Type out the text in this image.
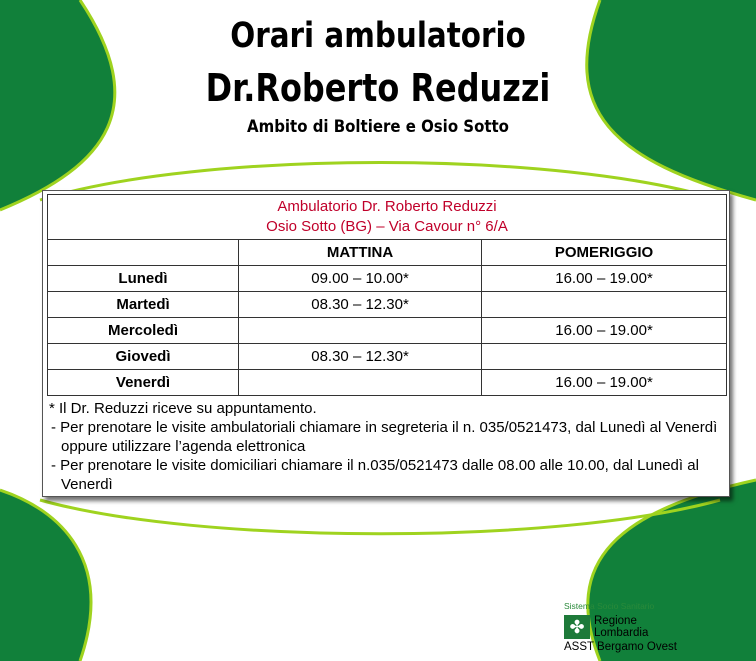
Orari ambulatorio
Dr.Roberto Reduzzi
Ambito di Boltiere e Osio Sotto
Ambulatorio Dr. Roberto Reduzzi
Osio Sotto (BG) – Via Cavour n° 6/A		

	MATTINA	POMERIGGIO
Lunedì	09.00 – 10.00*	16.00 – 19.00*
Martedì	08.30 – 12.30*	
Mercoledì		16.00 – 19.00*
Giovedì	08.30 – 12.30*	
Venerdì		16.00 – 19.00*

* Il Dr. Reduzzi riceve su appuntamento.

- Per prenotare le visite ambulatoriali chiamare in segreteria il n. 035/0521473, dal Lunedì al Venerdì oppure utilizzare l’agenda elettronica

- Per prenotare le visite domiciliari chiamare il n.035/0521473 dalle 08.00 alle 10.00, dal Lunedì al Venerdì

Sistema Socio Sanitario
✤ Regione
Lombardia
ASST Bergamo Ovest
